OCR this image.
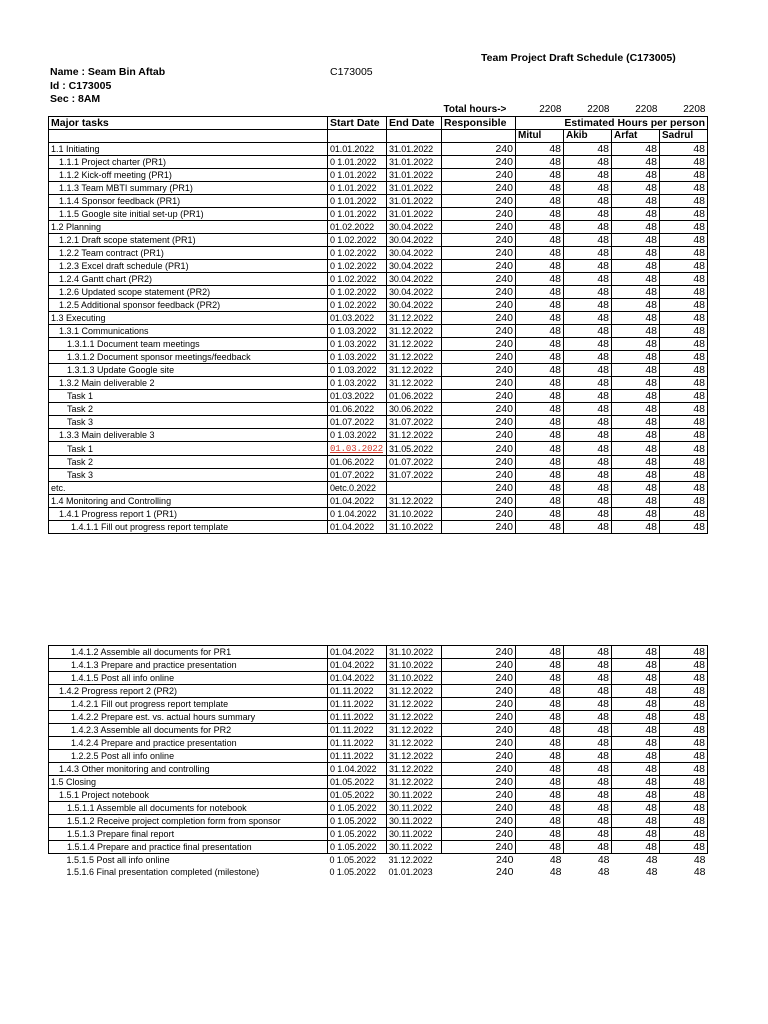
Team Project Draft Schedule (C173005)
Name : Seam Bin Aftab	C173005
Id : C173005
Sec : 8AM
			Total hours->	2208	2208	2208	2208
Major tasks	Start Date	End Date	Responsible	Estimated Hours per person			
				Mitul	Akib	Arfat	Sadrul
1.1 Initiating	01.01.2022	31.01.2022	240	48	48	48	48
1.1.1 Project charter (PR1)	0 1.01.2022	31.01.2022	240	48	48	48	48
1.1.2 Kick-off meeting (PR1)	0 1.01.2022	31.01.2022	240	48	48	48	48
1.1.3 Team MBTI summary (PR1)	0 1.01.2022	31.01.2022	240	48	48	48	48
1.1.4 Sponsor feedback (PR1)	0 1.01.2022	31.01.2022	240	48	48	48	48
1.1.5 Google site initial set-up (PR1)	0 1.01.2022	31.01.2022	240	48	48	48	48
1.2 Planning	01.02.2022	30.04.2022	240	48	48	48	48
1.2.1 Draft scope statement (PR1)	0 1.02.2022	30.04.2022	240	48	48	48	48
1.2.2 Team contract (PR1)	0 1.02.2022	30.04.2022	240	48	48	48	48
1.2.3 Excel draft schedule (PR1)	0 1.02.2022	30.04.2022	240	48	48	48	48
1.2.4 Gantt chart (PR2)	0 1.02.2022	30.04.2022	240	48	48	48	48
1.2.6 Updated scope statement (PR2)	0 1.02.2022	30.04.2022	240	48	48	48	48
1.2.5 Additional sponsor feedback (PR2)	0 1.02.2022	30.04.2022	240	48	48	48	48
1.3 Executing	01.03.2022	31.12.2022	240	48	48	48	48
1.3.1 Communications	0 1.03.2022	31.12.2022	240	48	48	48	48
1.3.1.1 Document team meetings	0 1.03.2022	31.12.2022	240	48	48	48	48
1.3.1.2 Document sponsor meetings/feedback	0 1.03.2022	31.12.2022	240	48	48	48	48
1.3.1.3 Update Google site	0 1.03.2022	31.12.2022	240	48	48	48	48
1.3.2 Main deliverable 2	0 1.03.2022	31.12.2022	240	48	48	48	48
Task 1	01.03.2022	01.06.2022	240	48	48	48	48
Task 2	01.06.2022	30.06.2022	240	48	48	48	48
Task 3	01.07.2022	31.07.2022	240	48	48	48	48
1.3.3 Main deliverable 3	0 1.03.2022	31.12.2022	240	48	48	48	48
Task 1	01.03.2022	31.05.2022	240	48	48	48	48
Task 2	01.06.2022	01.07.2022	240	48	48	48	48
Task 3	01.07.2022	31.07.2022	240	48	48	48	48
etc.	0etc.0.2022		240	48	48	48	48
1.4 Monitoring and Controlling	01.04.2022	31.12.2022	240	48	48	48	48
1.4.1 Progress report 1 (PR1)	0 1.04.2022	31.10.2022	240	48	48	48	48
1.4.1.1 Fill out progress report template	01.04.2022	31.10.2022	240	48	48	48	48
1.4.1.2 Assemble all documents for PR1	01.04.2022	31.10.2022	240	48	48	48	48
1.4.1.3 Prepare and practice presentation	01.04.2022	31.10.2022	240	48	48	48	48
1.4.1.5 Post all info online	01.04.2022	31.10.2022	240	48	48	48	48
1.4.2 Progress report 2 (PR2)	01.11.2022	31.12.2022	240	48	48	48	48
1.4.2.1 Fill out progress report template	01.11.2022	31.12.2022	240	48	48	48	48
1.4.2.2 Prepare est. vs. actual hours summary	01.11.2022	31.12.2022	240	48	48	48	48
1.4.2.3 Assemble all documents for PR2	01.11.2022	31.12.2022	240	48	48	48	48
1.4.2.4 Prepare and practice presentation	01.11.2022	31.12.2022	240	48	48	48	48
1.2.2.5 Post all info online	01.11.2022	31.12.2022	240	48	48	48	48
1.4.3 Other monitoring and controlling	0 1.04.2022	31.12.2022	240	48	48	48	48
1.5 Closing	01.05.2022	31.12.2022	240	48	48	48	48
1.5.1 Project notebook	01.05.2022	30.11.2022	240	48	48	48	48
1.5.1.1 Assemble all documents for notebook	0 1.05.2022	30.11.2022	240	48	48	48	48
1.5.1.2 Receive project completion form from sponsor	0 1.05.2022	30.11.2022	240	48	48	48	48
1.5.1.3 Prepare final report	0 1.05.2022	30.11.2022	240	48	48	48	48
1.5.1.4 Prepare and practice final presentation	0 1.05.2022	30.11.2022	240	48	48	48	48
1.5.1.5 Post all info online	0 1.05.2022	31.12.2022	240	48	48	48	48
1.5.1.6 Final presentation completed (milestone)	0 1.05.2022	01.01.2023	240	48	48	48	48
